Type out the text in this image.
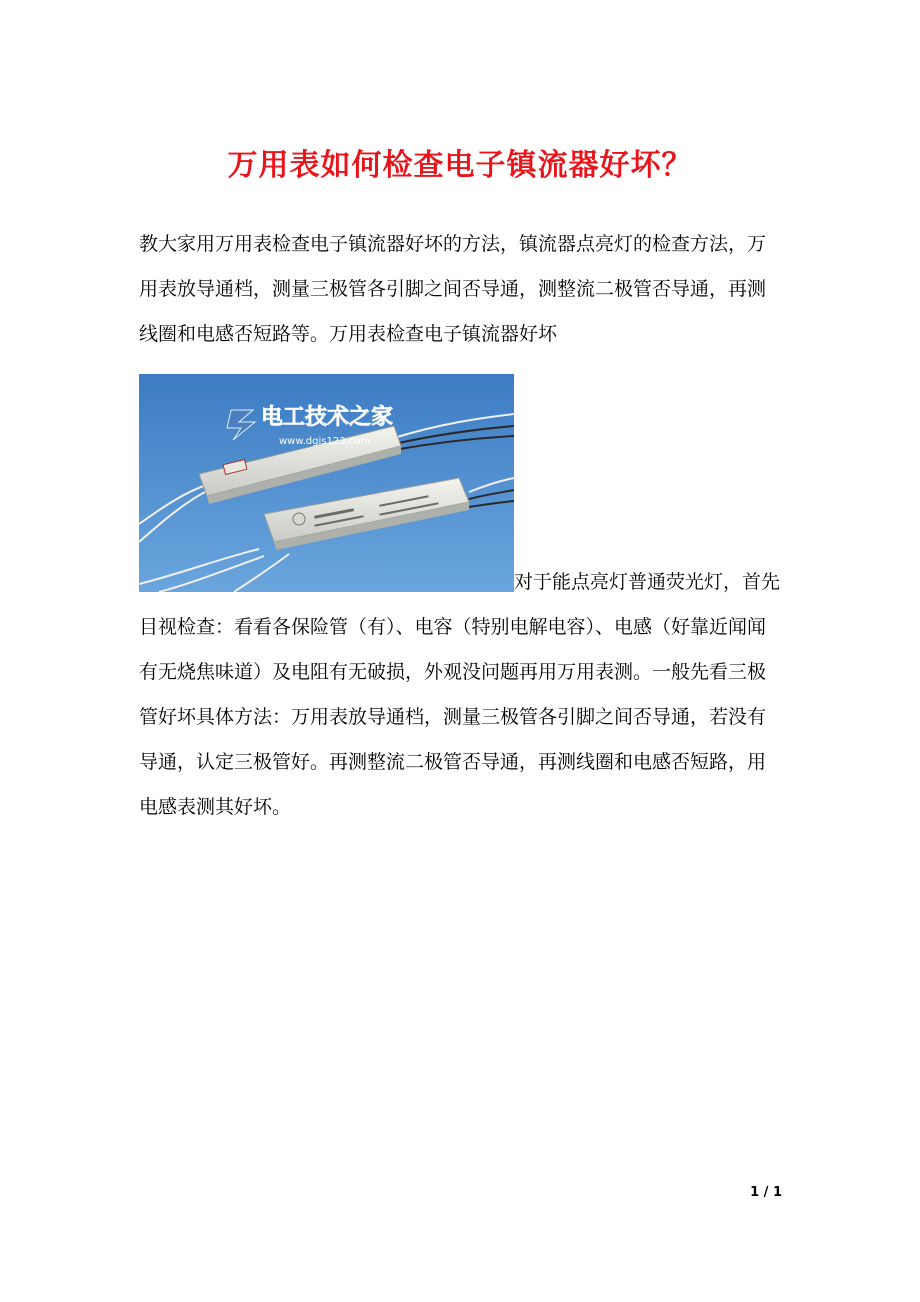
万用表如何检查电子镇流器好坏？

教大家用万用表检查电子镇流器好坏的方法，镇流器点亮灯的检查方法，万用表放导通档，测量三极管各引脚之间否导通，测整流二极管否导通，再测线圈和电感否短路等。万用表检查电子镇流器好坏

电工技术之家
www.dgjs123.com

对于能点亮灯普通荧光灯，首先目视检查：看看各保险管（有）、电容（特别电解电容）、电感（好靠近闻闻有无烧焦味道）及电阻有无破损，外观没问题再用万用表测。一般先看三极管好坏具体方法：万用表放导通档，测量三极管各引脚之间否导通，若没有导通，认定三极管好。再测整流二极管否导通，再测线圈和电感否短路，用电感表测其好坏。

1 / 1
